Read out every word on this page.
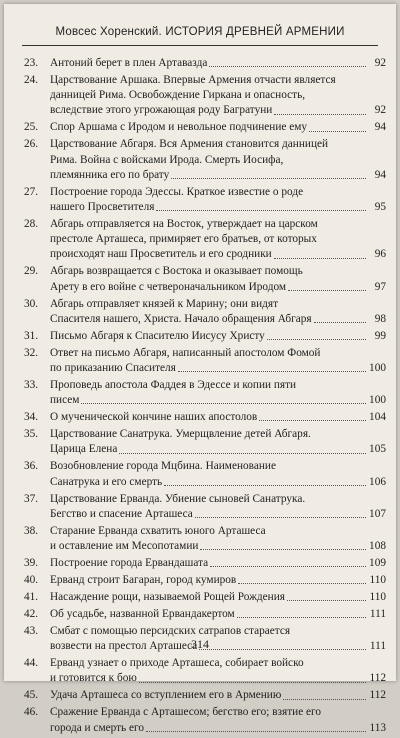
Мовсес Хоренский. ИСТОРИЯ ДРЕВНЕЙ АРМЕНИИ
23.	Антоний берет в плен Артавазда	92
24.	Царствование Аршака. Впервые Армения отчасти является
данницей Рима. Освобождение Гиркана и опасность,
вследствие этого угрожающая роду Багратуни	92
25.	Спор Аршама с Иродом и невольное подчинение ему	94
26.	Царствование Абгаря. Вся Армения становится данницей
Рима. Война с войсками Ирода. Смерть Иосифа,
племянника его по брату	94
27.	Построение города Эдессы. Краткое известие о роде
нашего Просветителя	95
28.	Абгарь отправляется на Восток, утверждает на царском
престоле Арташеса, примиряет его братьев, от которых
происходят наш Просветитель и его сродники	96
29.	Абгарь возвращается с Востока и оказывает помощь
Арету в его войне с четвероначальником Иродом	97
30.	Абгарь отправляет князей к Марину; они видят
Спасителя нашего, Христа. Начало обращения Абгаря	98
31.	Письмо Абгаря к Спасителю Иисусу Христу	99
32.	Ответ на письмо Абгаря, написанный апостолом Фомой
по приказанию Спасителя	100
33.	Проповедь апостола Фаддея в Эдессе и копии пяти
писем	100
34.	О мученической кончине наших апостолов	104
35.	Царствование Санатрука. Умерщвление детей Абгаря.
Царица Елена	105
36.	Возобновление города Мцбина. Наименование
Санатрука и его смерть	106
37.	Царствование Ерванда. Убиение сыновей Санатрука.
Бегство и спасение Арташеса	107
38.	Старание Ерванда схватить юного Арташеса
и оставление им Месопотамии	108
39.	Построение города Ервандашата	109
40.	Ерванд строит Багаран, город кумиров	110
41.	Насаждение рощи, называемой Рощей Рождения	110
42.	Об усадьбе, названной Ервандакертом	111
43.	Смбат с помощью персидских сатрапов старается
возвести на престол Арташеса	111
44.	Ерванд узнает о приходе Арташеса, собирает войско
и готовится к бою	112
45.	Удача Арташеса со вступлением его в Армению	112
46.	Сражение Ерванда с Арташесом; бегство его; взятие его
города и смерть его	113
314
